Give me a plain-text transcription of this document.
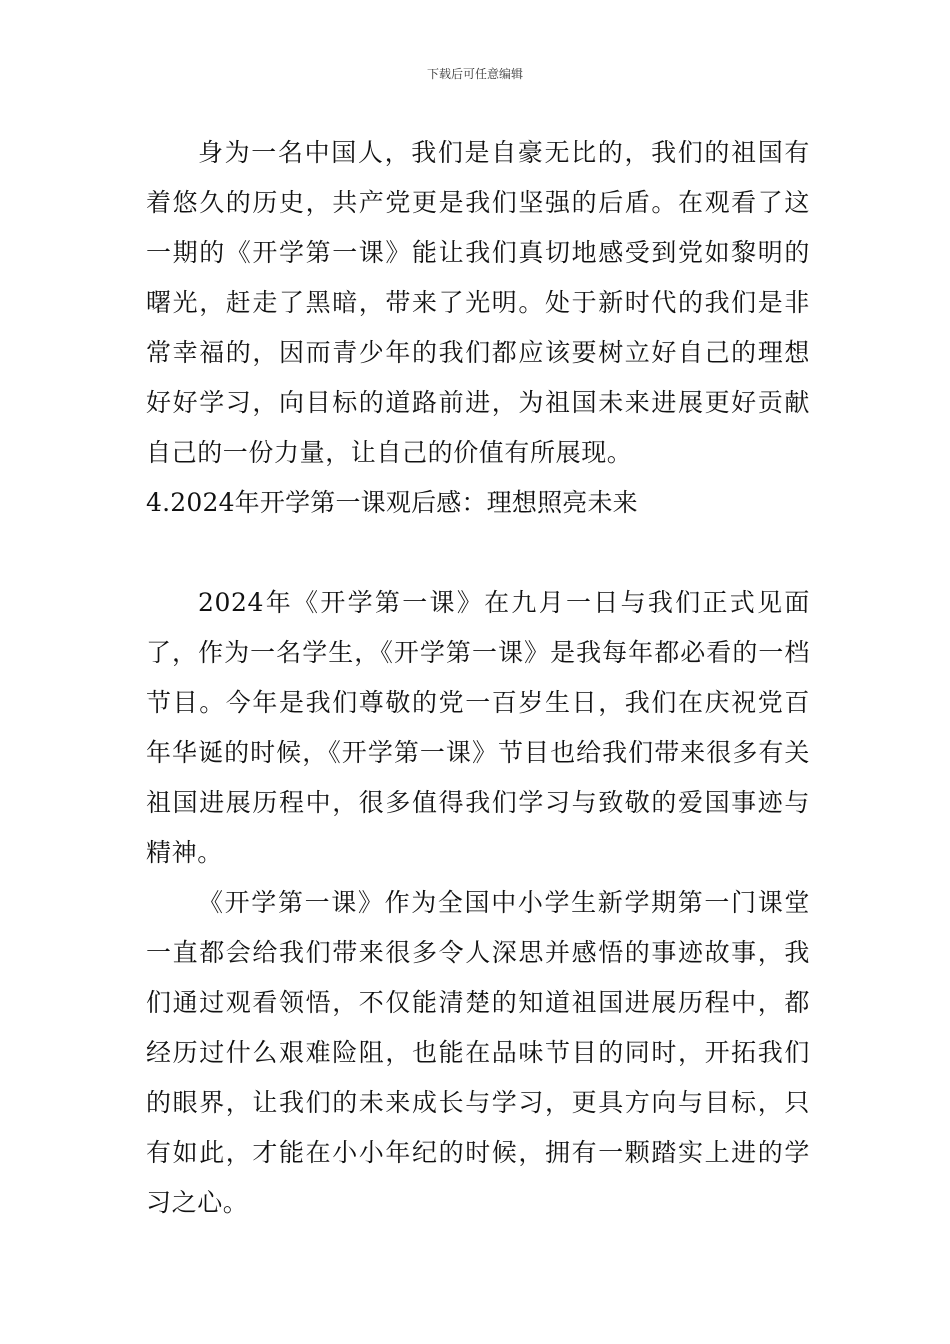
下载后可任意编辑

身为一名中国人，我们是自豪无比的，我们的祖国有着悠久的历史，共产党更是我们坚强的后盾。在观看了这一期的《开学第一课》能让我们真切地感受到党如黎明的曙光，赶走了黑暗，带来了光明。处于新时代的我们是非常幸福的，因而青少年的我们都应该要树立好自己的理想好好学习，向目标的道路前进，为祖国未来进展更好贡献自己的一份力量，让自己的价值有所展现。

4.2024年开学第一课观后感：理想照亮未来

2024年《开学第一课》在九月一日与我们正式见面了，作为一名学生，《开学第一课》是我每年都必看的一档节目。今年是我们尊敬的党一百岁生日，我们在庆祝党百年华诞的时候，《开学第一课》节目也给我们带来很多有关祖国进展历程中，很多值得我们学习与致敬的爱国事迹与精神。

《开学第一课》作为全国中小学生新学期第一门课堂一直都会给我们带来很多令人深思并感悟的事迹故事，我们通过观看领悟，不仅能清楚的知道祖国进展历程中，都经历过什么艰难险阻，也能在品味节目的同时，开拓我们的眼界，让我们的未来成长与学习，更具方向与目标，只有如此，才能在小小年纪的时候，拥有一颗踏实上进的学习之心。
